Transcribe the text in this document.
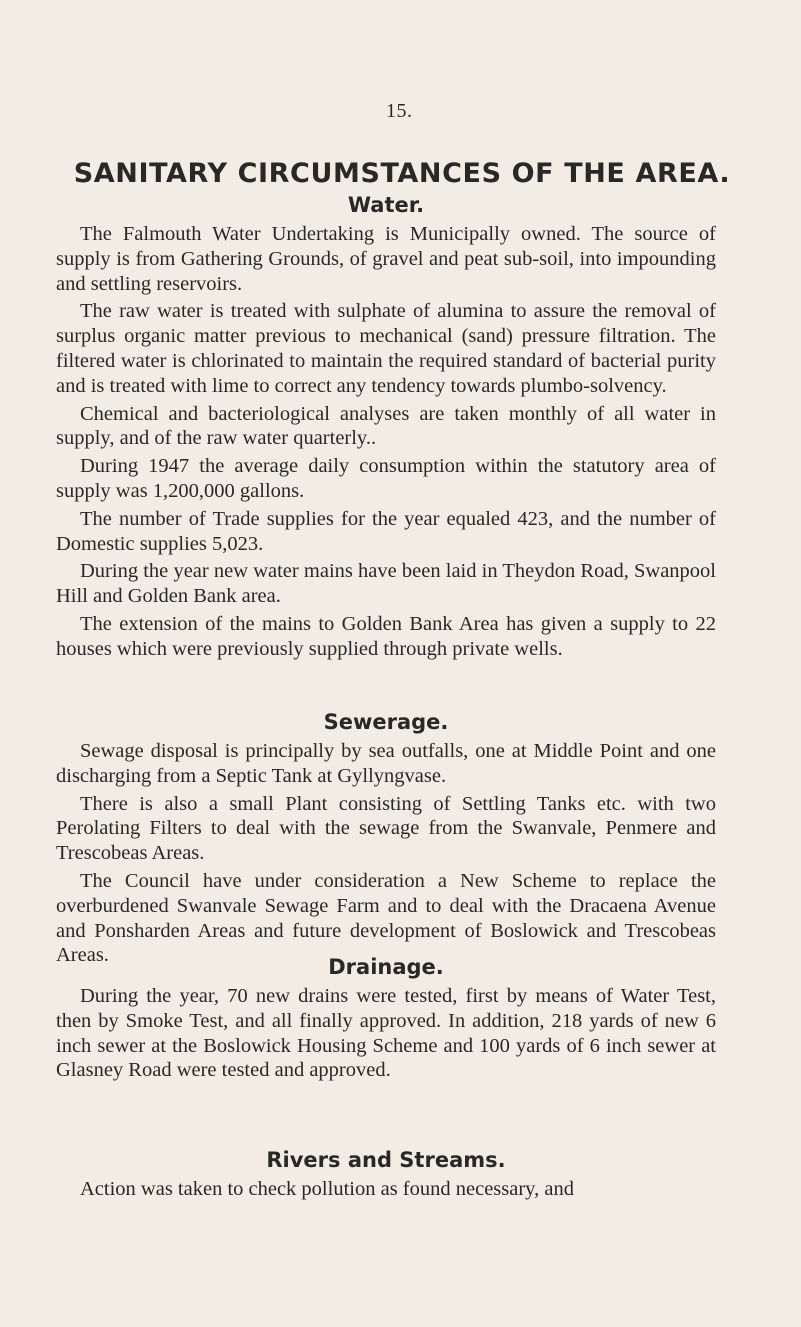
15.
SANITARY CIRCUMSTANCES OF THE AREA.
Water.

The Falmouth Water Undertaking is Municipally owned. The source of supply is from Gathering Grounds, of gravel and peat sub-soil, into impounding and settling reservoirs.

The raw water is treated with sulphate of alumina to assure the removal of surplus organic matter previous to mechanical (sand) pressure filtration. The filtered water is chlorinated to maintain the required standard of bacterial purity and is treated with lime to correct any tendency towards plumbo-solvency.

Chemical and bacteriological analyses are taken monthly of all water in supply, and of the raw water quarterly..

During 1947 the average daily consumption within the statutory area of supply was 1,200,000 gallons.

The number of Trade supplies for the year equaled 423, and the number of Domestic supplies 5,023.

During the year new water mains have been laid in Theydon Road, Swanpool Hill and Golden Bank area.

The extension of the mains to Golden Bank Area has given a supply to 22 houses which were previously supplied through private wells.

Sewerage.

Sewage disposal is principally by sea outfalls, one at Middle Point and one discharging from a Septic Tank at Gyllyngvase.

There is also a small Plant consisting of Settling Tanks etc. with two Perolating Filters to deal with the sewage from the Swanvale, Penmere and Trescobeas Areas.

The Council have under consideration a New Scheme to replace the overburdened Swanvale Sewage Farm and to deal with the Dracaena Avenue and Ponsharden Areas and future development of Boslowick and Trescobeas Areas.	Drainage.

During the year, 70 new drains were tested, first by means of Water Test, then by Smoke Test, and all finally approved. In addition, 218 yards of new 6 inch sewer at the Boslowick Housing Scheme and 100 yards of 6 inch sewer at Glasney Road were tested and approved.

Rivers and Streams.

Action was taken to check pollution as found necessary, and
